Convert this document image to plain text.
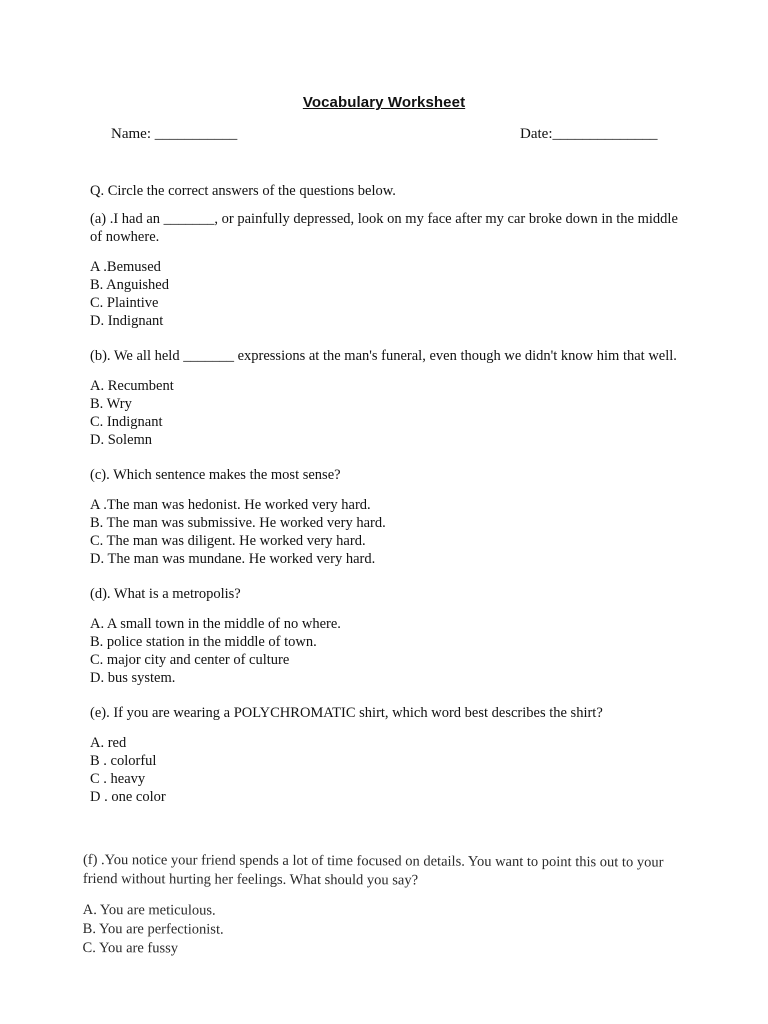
Vocabulary Worksheet
Name: ___________	Date:______________

Q. Circle the correct answers of the questions below.

(a) .I had an _______, or painfully depressed, look on my face after my car broke down in the middle of nowhere.

A .Bemused
B. Anguished
C. Plaintive
D. Indignant

(b). We all held _______ expressions at the man's funeral, even though we didn't know him that well.

A. Recumbent
B. Wry
C. Indignant
D. Solemn

(c). Which sentence makes the most sense?

A .The man was hedonist. He worked very hard.
B. The man was submissive. He worked very hard.
C. The man was diligent. He worked very hard.
D. The man was mundane. He worked very hard.

(d). What is a metropolis?

A. A small town in the middle of no where.
B. police station in the middle of town.
C. major city and center of culture
D. bus system.

(e). If you are wearing a POLYCHROMATIC shirt, which word best describes the shirt?

A. red
B . colorful
C . heavy
D . one color

(f) .You notice your friend spends a lot of time focused on details. You want to point this out to your friend without hurting her feelings. What should you say?

A. You are meticulous.
B. You are perfectionist.
C. You are fussy
